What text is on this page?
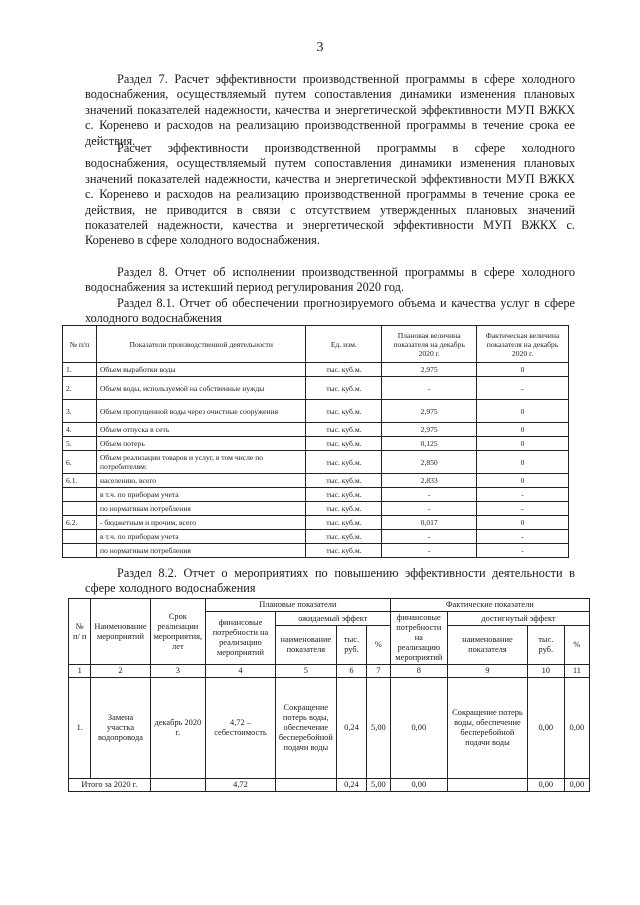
3

Раздел 7. Расчет эффективности производственной программы в сфере холодного водоснабжения, осуществляемый путем сопоставления динамики изменения плановых значений показателей надежности, качества и энергетической эффективности МУП ВЖКХ с. Кореневo и расходов на реализацию производственной программы в течение срока ее действия.

Расчет эффективности производственной программы в сфере холодного водоснабжения, осуществляемый путем сопоставления динамики изменения плановых значений показателей надежности, качества и энергетической эффективности МУП ВЖКХ с. Кореневo и расходов на реализацию производственной программы в течение срока ее действия, не приводится в связи с отсутствием утвержденных плановых значений показателей надежности, качества и энергетической эффективности МУП ВЖКХ с. Кореневo в сфере холодного водоснабжения.

Раздел 8. Отчет об исполнении производственной программы в сфере холодного водоснабжения за истекший период регулирования 2020 год.

Раздел 8.1. Отчет об обеспечении прогнозируемого объема и качества услуг в сфере холодного водоснабжения

№ п/п	Показатели производственной деятельности	Ед. изм.	Плановая величина показателя на декабрь 2020 г.	Фактическая величина показателя на декабрь 2020 г.
1.	Объем выработки воды	тыс. куб.м.	2,975	0
2.	Объем воды, используемой на собственные нужды	тыс. куб.м.	-	-
3.	Объем пропущенной воды через очистные сооружения	тыс. куб.м.	2,975	0
4.	Объем отпуска в сеть	тыс. куб.м.	2,975	0
5.	Объем потерь	тыс. куб.м.	0,125	0
6.	Объем реализации товаров и услуг, в том числе по потребителям:	тыс. куб.м.	2,850	0
6.1.	населению, всего	тыс. куб.м.	2,833	0
	в т.ч. по приборам учета	тыс. куб.м.	-	-
	по нормативам потребления	тыс. куб.м.	-	-
6.2.	- бюджетным и прочим, всего	тыс. куб.м.	0,017	0
	в т.ч. по приборам учета	тыс. куб.м.	-	-
	по нормативам потребления	тыс. куб.м.	-	-

Раздел 8.2. Отчет о мероприятиях по повышению эффективности деятельности в сфере холодного водоснабжения

№ п/ п	Наименование мероприятий	Срок реализации мероприятия, лет	Плановые показатели				Фактические показатели			
			финансовые потребности на реализацию мероприятий	ожидаемый эффект			финансовые потребности на реализацию мероприятий	достигнутый эффект		
				наименование показателя	тыс. руб.	%		наименование показателя	тыс. руб.	%
1	2	3	4	5	6	7	8	9	10	11
1.	Замена участка водопровода	декабрь 2020 г.	4,72 – себестоимость	Сокращение потерь воды, обеспечение бесперебойной подачи воды	0,24	5,00	0,00	Сокращение потерь воды, обеспечение бесперебойной подачи воды	0,00	0,00
Итого за 2020 г.			4,72		0,24	5,00	0,00		0,00	0,00
